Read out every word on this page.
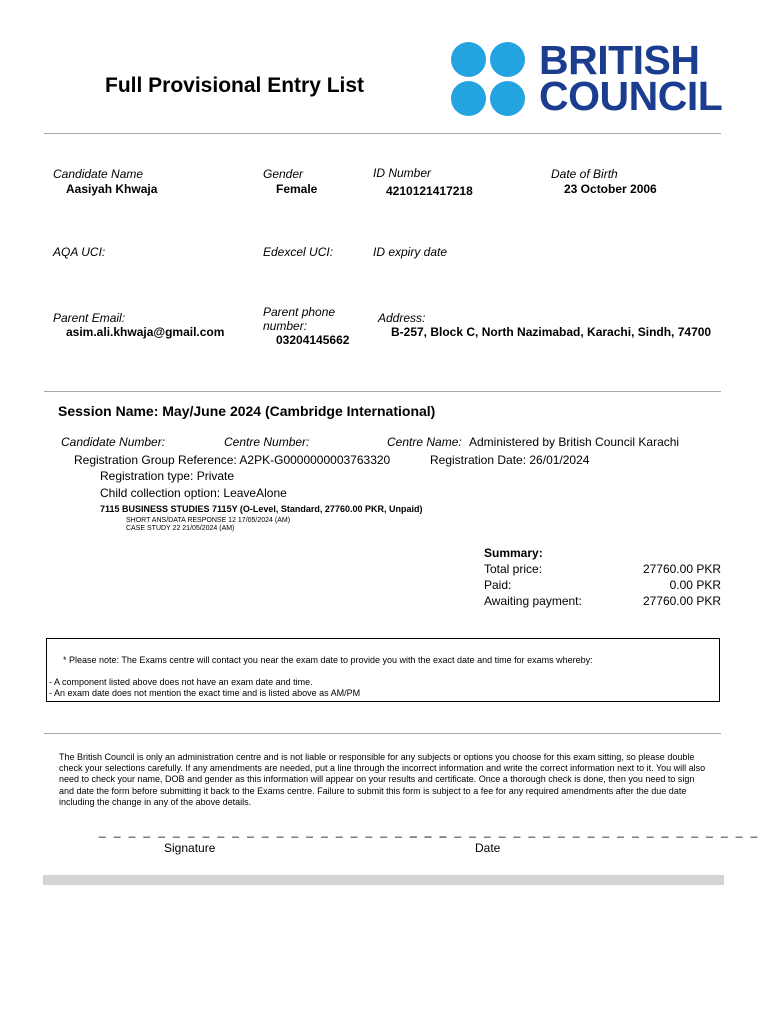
Full Provisional Entry List
BRITISH
COUNCIL
Candidate Name
Aasiyah Khwaja
Gender
Female
ID Number
4210121417218
Date of Birth
23 October 2006
AQA UCI:	Edexcel UCI:	ID expiry date
Parent Email:
asim.ali.khwaja@gmail.com
Parent phone
number:
03204145662
Address:
B-257, Block C, North Nazimabad, Karachi, Sindh, 74700
Session Name: May/June 2024 (Cambridge International)
Candidate Number:	Centre Number:	Centre Name: Administered by British Council Karachi
Registration Group Reference: A2PK-G0000000003763320	Registration Date: 26/01/2024
Registration type: Private
Child collection option: LeaveAlone
7115 BUSINESS STUDIES 7115Y (O-Level, Standard, 27760.00 PKR, Unpaid)
SHORT ANS/DATA RESPONSE 12 17/05/2024 (AM)
CASE STUDY 22 21/05/2024 (AM)
Summary:
Total price:	27760.00 PKR
Paid:	0.00 PKR
Awaiting payment:	27760.00 PKR
* Please note: The Exams centre will contact you near the exam date to provide you with the exact date and time for exams whereby:
- A component listed above does not have an exam date and time.
- An exam date does not mention the exact time and is listed above as AM/PM
The British Council is only an administration centre and is not liable or responsible for any subjects or options you choose for this exam sitting, so please double check your selections carefully. If any amendments are needed, put a line through the incorrect information and write the correct information next to it. You will also need to check your name, DOB and gender as this information will appear on your results and certificate. Once a thorough check is done, then you need to sign and date the form before submitting it back to the Exams centre. Failure to submit this form is subject to a fee for any required amendments after the due date including the change in any of the above details.
_ _ _ _ _ _ _ _ _ _ _ _ _ _ _ _ _ _ _ _ _ _ _ _
Signature
_ _ _ _ _ _ _ _ _ _ _ _ _ _ _ _ _ _ _ _ _ _ _ _
Date
